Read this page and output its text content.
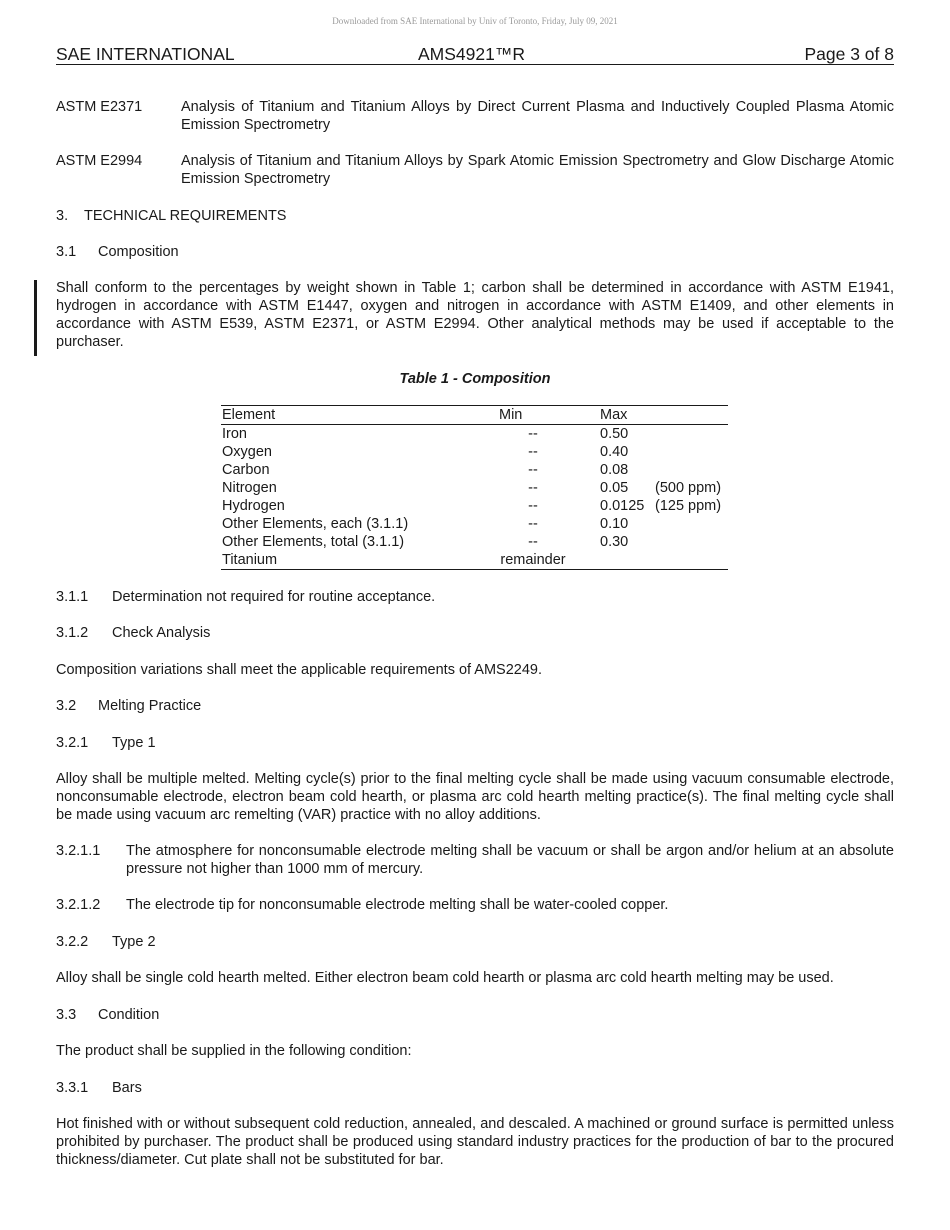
Downloaded from SAE International by Univ of Toronto, Friday, July 09, 2021
SAE INTERNATIONAL	AMS4921™R	Page 3 of 8
ASTM E2371	Analysis of Titanium and Titanium Alloys by Direct Current Plasma and Inductively Coupled Plasma Atomic Emission Spectrometry
ASTM E2994	Analysis of Titanium and Titanium Alloys by Spark Atomic Emission Spectrometry and Glow Discharge Atomic Emission Spectrometry
3. TECHNICAL REQUIREMENTS
3.1 Composition
Shall conform to the percentages by weight shown in Table 1; carbon shall be determined in accordance with ASTM E1941, hydrogen in accordance with ASTM E1447, oxygen and nitrogen in accordance with ASTM E1409, and other elements in accordance with ASTM E539, ASTM E2371, or ASTM E2994. Other analytical methods may be used if acceptable to the purchaser.
Table 1 - Composition
Element	Min	Max
Iron	--	0.50
Oxygen	--	0.40
Carbon	--	0.08
Nitrogen	--	0.05 (500 ppm)
Hydrogen	--	0.0125 (125 ppm)
Other Elements, each (3.1.1)	--	0.10
Other Elements, total (3.1.1)	--	0.30
Titanium	remainder
3.1.1 Determination not required for routine acceptance.
3.1.2 Check Analysis
Composition variations shall meet the applicable requirements of AMS2249.
3.2 Melting Practice
3.2.1 Type 1
Alloy shall be multiple melted. Melting cycle(s) prior to the final melting cycle shall be made using vacuum consumable electrode, nonconsumable electrode, electron beam cold hearth, or plasma arc cold hearth melting practice(s). The final melting cycle shall be made using vacuum arc remelting (VAR) practice with no alloy additions.
3.2.1.1 The atmosphere for nonconsumable electrode melting shall be vacuum or shall be argon and/or helium at an absolute pressure not higher than 1000 mm of mercury.
3.2.1.2 The electrode tip for nonconsumable electrode melting shall be water-cooled copper.
3.2.2 Type 2
Alloy shall be single cold hearth melted. Either electron beam cold hearth or plasma arc cold hearth melting may be used.
3.3 Condition
The product shall be supplied in the following condition:
3.3.1 Bars
Hot finished with or without subsequent cold reduction, annealed, and descaled. A machined or ground surface is permitted unless prohibited by purchaser. The product shall be produced using standard industry practices for the production of bar to the procured thickness/diameter. Cut plate shall not be substituted for bar.
